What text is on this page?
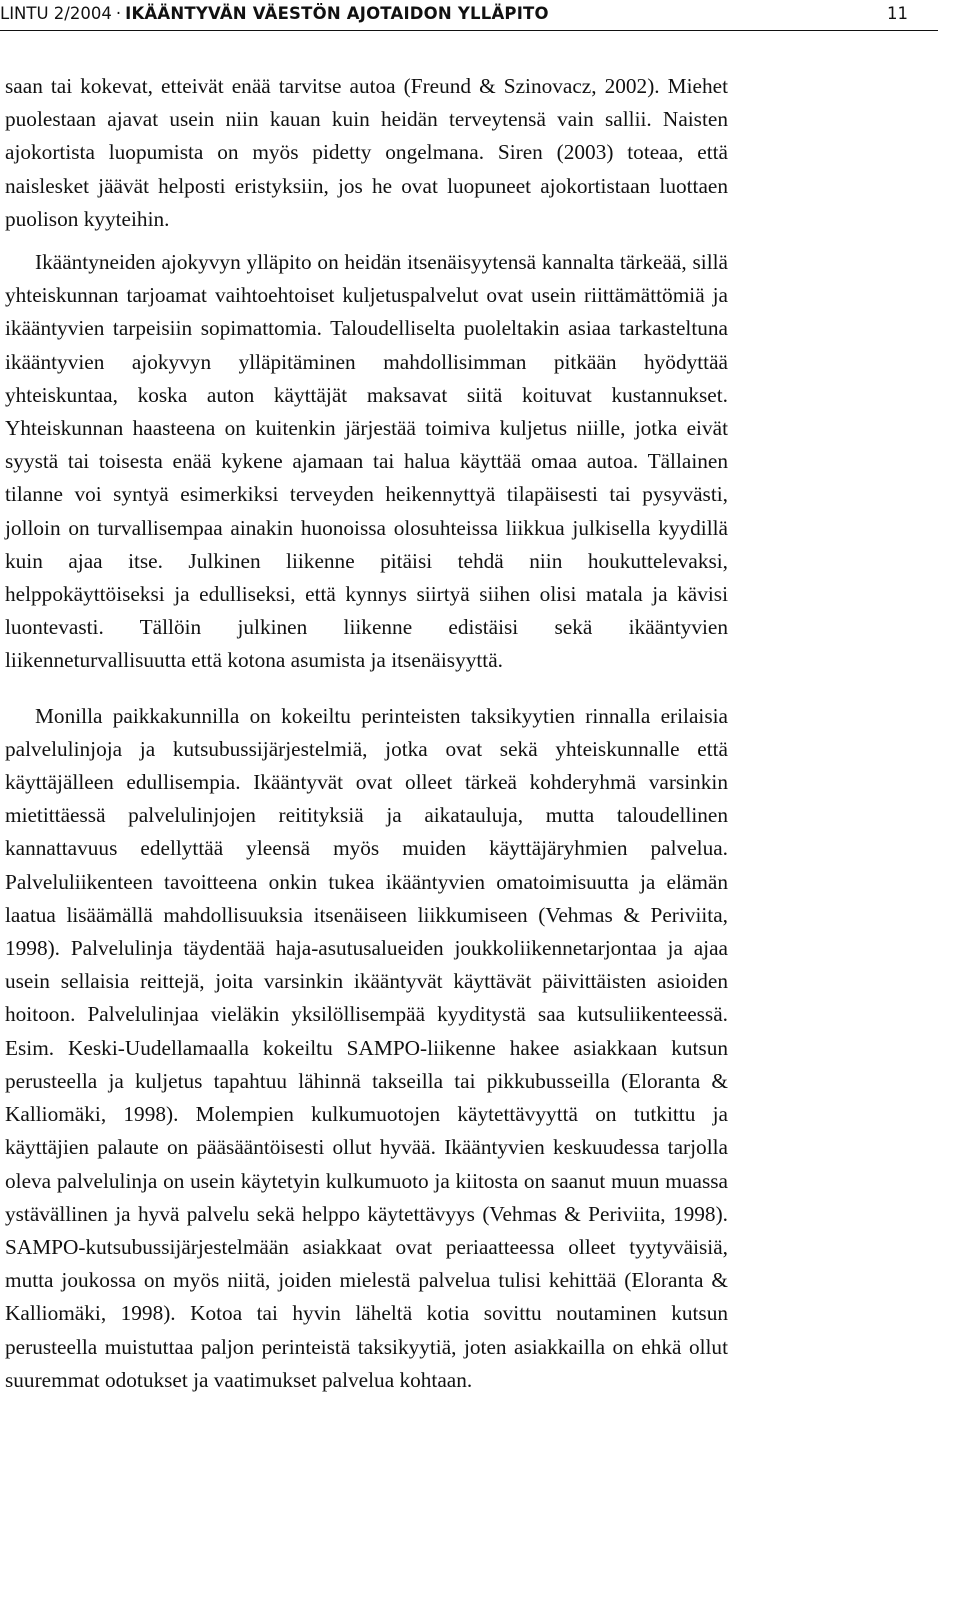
LINTU 2/2004 · IKÄÄNTYVÄN VÄESTÖN AJOTAIDON YLLÄPITO	11

saan tai kokevat, etteivät enää tarvitse autoa (Freund & Szinovacz, 2002). Miehet puolestaan ajavat usein niin kauan kuin heidän terveytensä vain sallii. Naisten ajokortista luopumista on myös pidetty ongelmana. Siren (2003) toteaa, että naislesket jäävät helposti eristyksiin, jos he ovat luopuneet ajokortistaan luottaen puolison kyyteihin.

Ikääntyneiden ajokyvyn ylläpito on heidän itsenäisyytensä kannalta tärkeää, sillä yhteiskunnan tarjoamat vaihtoehtoiset kuljetuspalvelut ovat usein riittämättömiä ja ikääntyvien tarpeisiin sopimattomia. Taloudelliselta puoleltakin asiaa tarkasteltuna ikääntyvien ajokyvyn ylläpitäminen mahdollisimman pitkään hyödyttää yhteiskuntaa, koska auton käyttäjät maksavat siitä koituvat kustannukset. Yhteiskunnan haasteena on kuitenkin järjestää toimiva kuljetus niille, jotka eivät syystä tai toisesta enää kykene ajamaan tai halua käyttää omaa autoa. Tällainen tilanne voi syntyä esimerkiksi terveyden heikennyttyä tilapäisesti tai pysyvästi, jolloin on turvallisempaa ainakin huonoissa olosuhteissa liikkua julkisella kyydillä kuin ajaa itse. Julkinen liikenne pitäisi tehdä niin houkuttelevaksi, helppokäyttöiseksi ja edulliseksi, että kynnys siirtyä siihen olisi matala ja kävisi luontevasti. Tällöin julkinen liikenne edistäisi sekä ikääntyvien liikenneturvallisuutta että kotona asumista ja itsenäisyyttä.

Monilla paikkakunnilla on kokeiltu perinteisten taksikyytien rinnalla erilaisia palvelulinjoja ja kutsubussijärjestelmiä, jotka ovat sekä yhteiskunnalle että käyttäjälleen edullisempia. Ikääntyvät ovat olleet tärkeä kohderyhmä varsinkin mietittäessä palvelulinjojen reitityksiä ja aikatauluja, mutta taloudellinen kannattavuus edellyttää yleensä myös muiden käyttäjäryhmien palvelua. Palveluliikenteen tavoitteena onkin tukea ikääntyvien omatoimisuutta ja elämän laatua lisäämällä mahdollisuuksia itsenäiseen liikkumiseen (Vehmas & Periviita, 1998). Palvelulinja täydentää haja-asutusalueiden joukkoliikennetarjontaa ja ajaa usein sellaisia reittejä, joita varsinkin ikääntyvät käyttävät päivittäisten asioiden hoitoon. Palvelulinjaa vieläkin yksilöllisempää kyyditystä saa kutsuliikenteessä. Esim. Keski-Uudellamaalla kokeiltu SAMPO-liikenne hakee asiakkaan kutsun perusteella ja kuljetus tapahtuu lähinnä takseilla tai pikkubusseilla (Eloranta & Kalliomäki, 1998). Molempien kulkumuotojen käytettävyyttä on tutkittu ja käyttäjien palaute on pääsääntöisesti ollut hyvää. Ikääntyvien keskuudessa tarjolla oleva palvelulinja on usein käytetyin kulkumuoto ja kiitosta on saanut muun muassa ystävällinen ja hyvä palvelu sekä helppo käytettävyys (Vehmas & Periviita, 1998). SAMPO-kutsubussijärjestelmään asiakkaat ovat periaatteessa olleet tyytyväisiä, mutta joukossa on myös niitä, joiden mielestä palvelua tulisi kehittää (Eloranta & Kalliomäki, 1998). Kotoa tai hyvin läheltä kotia sovittu noutaminen kutsun perusteella muistuttaa paljon perinteistä taksikyytiä, joten asiakkailla on ehkä ollut suuremmat odotukset ja vaatimukset palvelua kohtaan.
